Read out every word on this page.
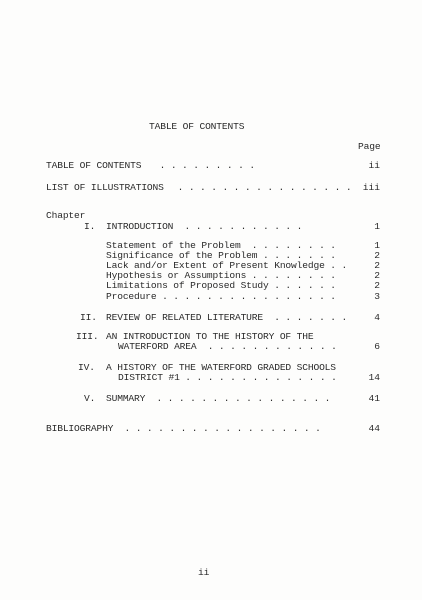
TABLE OF CONTENTS
Page
TABLE OF CONTENTS . . . . . . . . .	ii
LIST OF ILLUSTRATIONS . . . . . . . . . . . . . . . .	iii
Chapter
I. INTRODUCTION  . . . . . . . . . . .	1
Statement of the Problem  . . . . . . . .	1
Significance of the Problem . . . . . . .	2
Lack and/or Extent of Present Knowledge . .	2
Hypothesis or Assumptions . . . . . . . .	2
Limitations of Proposed Study . . . . . .	2
Procedure . . . . . . . . . . . . . . . .	3
II. REVIEW OF RELATED LITERATURE  . . . . . . .	4
III. AN INTRODUCTION TO THE HISTORY OF THE
WATERFORD AREA  . . . . . . . . . . . .	6
IV. A HISTORY OF THE WATERFORD GRADED SCHOOLS
DISTRICT #1 . . . . . . . . . . . . . .	14
V. SUMMARY  . . . . . . . . . . . . . . . .	41
BIBLIOGRAPHY  . . . . . . . . . . . . . . . . . .	44
ii
